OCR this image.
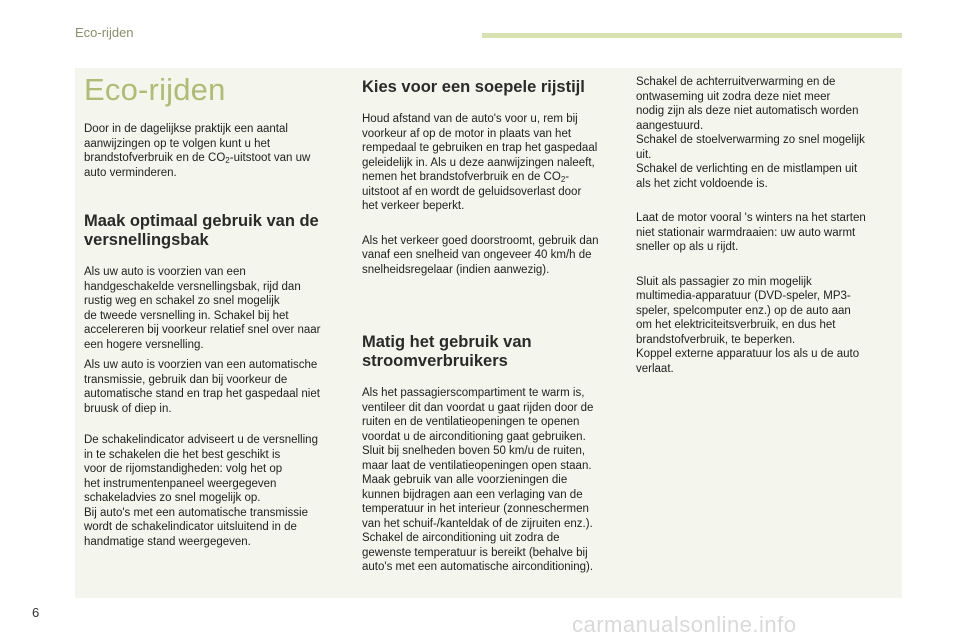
Eco-rijden
Eco-rijden

Door in de dagelijkse praktijk een aantal
aanwijzingen op te volgen kunt u het
brandstofverbruik en de $CO_2$-uitstoot van uw
auto verminderen.

Maak optimaal gebruik van de
versnellingsbak

Als uw auto is voorzien van een
handgeschakelde versnellingsbak, rijd dan
rustig weg en schakel zo snel mogelijk
de tweede versnelling in. Schakel bij het
accelereren bij voorkeur relatief snel over naar
een hogere versnelling.

Als uw auto is voorzien van een automatische
transmissie, gebruik dan bij voorkeur de
automatische stand en trap het gaspedaal niet
bruusk of diep in.

De schakelindicator adviseert u de versnelling
in te schakelen die het best geschikt is
voor de rijomstandigheden: volg het op
het instrumentenpaneel weergegeven
schakeladvies zo snel mogelijk op.
Bij auto's met een automatische transmissie
wordt de schakelindicator uitsluitend in de
handmatige stand weergegeven.

Kies voor een soepele rijstijl

Houd afstand van de auto's voor u, rem bij
voorkeur af op de motor in plaats van het
rempedaal te gebruiken en trap het gaspedaal
geleidelijk in. Als u deze aanwijzingen naleeft,
nemen het brandstofverbruik en de $CO_2-$
uitstoot af en wordt de geluidsoverlast door
het verkeer beperkt.

Als het verkeer goed doorstroomt, gebruik dan
vanaf een snelheid van ongeveer 40 km/h de
snelheidsregelaar (indien aanwezig).

Matig het gebruik van
stroomverbruikers

Als het passagierscompartiment te warm is,
ventileer dit dan voordat u gaat rijden door de
ruiten en de ventilatieopeningen te openen
voordat u de airconditioning gaat gebruiken.
Sluit bij snelheden boven 50 km/u de ruiten,
maar laat de ventilatieopeningen open staan.
Maak gebruik van alle voorzieningen die
kunnen bijdragen aan een verlaging van de
temperatuur in het interieur (zonneschermen
van het schuif-/kanteldak of de zijruiten enz.).
Schakel de airconditioning uit zodra de
gewenste temperatuur is bereikt (behalve bij
auto's met een automatische airconditioning).

Schakel de achterruitverwarming en de
ontwaseming uit zodra deze niet meer
nodig zijn als deze niet automatisch worden
aangestuurd.
Schakel de stoelverwarming zo snel mogelijk
uit.
Schakel de verlichting en de mistlampen uit
als het zicht voldoende is.

Laat de motor vooral 's winters na het starten
niet stationair warmdraaien: uw auto warmt
sneller op als u rijdt.

Sluit als passagier zo min mogelijk
multimedia-apparatuur (DVD-speler, MP3-
speler, spelcomputer enz.) op de auto aan
om het elektriciteitsverbruik, en dus het
brandstofverbruik, te beperken.
Koppel externe apparatuur los als u de auto
verlaat.

6	carmanualsonline.info
